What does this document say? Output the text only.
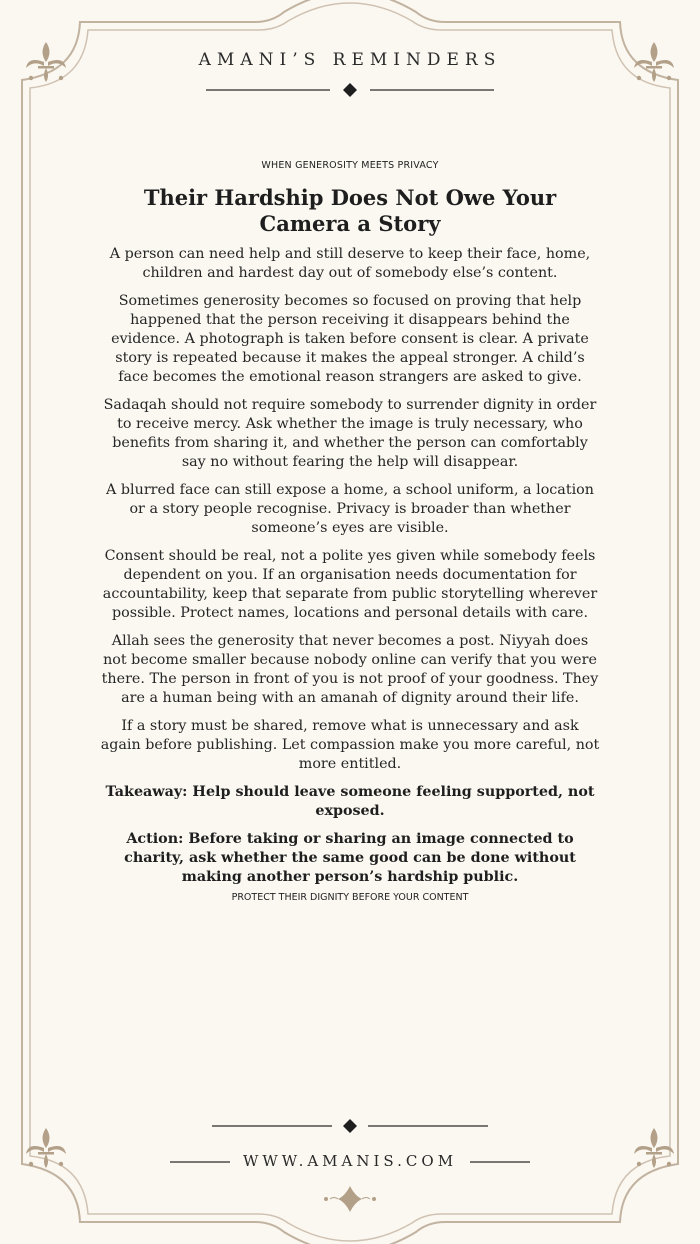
AMANI’S REMINDERS

WHEN GENEROSITY MEETS PRIVACY

Their Hardship Does Not Owe Your Camera a Story

A person can need help and still deserve to keep their face, home, children and hardest day out of somebody else’s content.

Sometimes generosity becomes so focused on proving that help happened that the person receiving it disappears behind the evidence. A photograph is taken before consent is clear. A private story is repeated because it makes the appeal stronger. A child’s face becomes the emotional reason strangers are asked to give.

Sadaqah should not require somebody to surrender dignity in order to receive mercy. Ask whether the image is truly necessary, who benefits from sharing it, and whether the person can comfortably say no without fearing the help will disappear.

A blurred face can still expose a home, a school uniform, a location or a story people recognise. Privacy is broader than whether someone’s eyes are visible.

Consent should be real, not a polite yes given while somebody feels dependent on you. If an organisation needs documentation for accountability, keep that separate from public storytelling wherever possible. Protect names, locations and personal details with care.

Allah sees the generosity that never becomes a post. Niyyah does not become smaller because nobody online can verify that you were there. The person in front of you is not proof of your goodness. They are a human being with an amanah of dignity around their life.

If a story must be shared, remove what is unnecessary and ask again before publishing. Let compassion make you more careful, not more entitled.

Takeaway: Help should leave someone feeling supported, not exposed.

Action: Before taking or sharing an image connected to charity, ask whether the same good can be done without making another person’s hardship public.

PROTECT THEIR DIGNITY BEFORE YOUR CONTENT

WWW.AMANIS.COM
